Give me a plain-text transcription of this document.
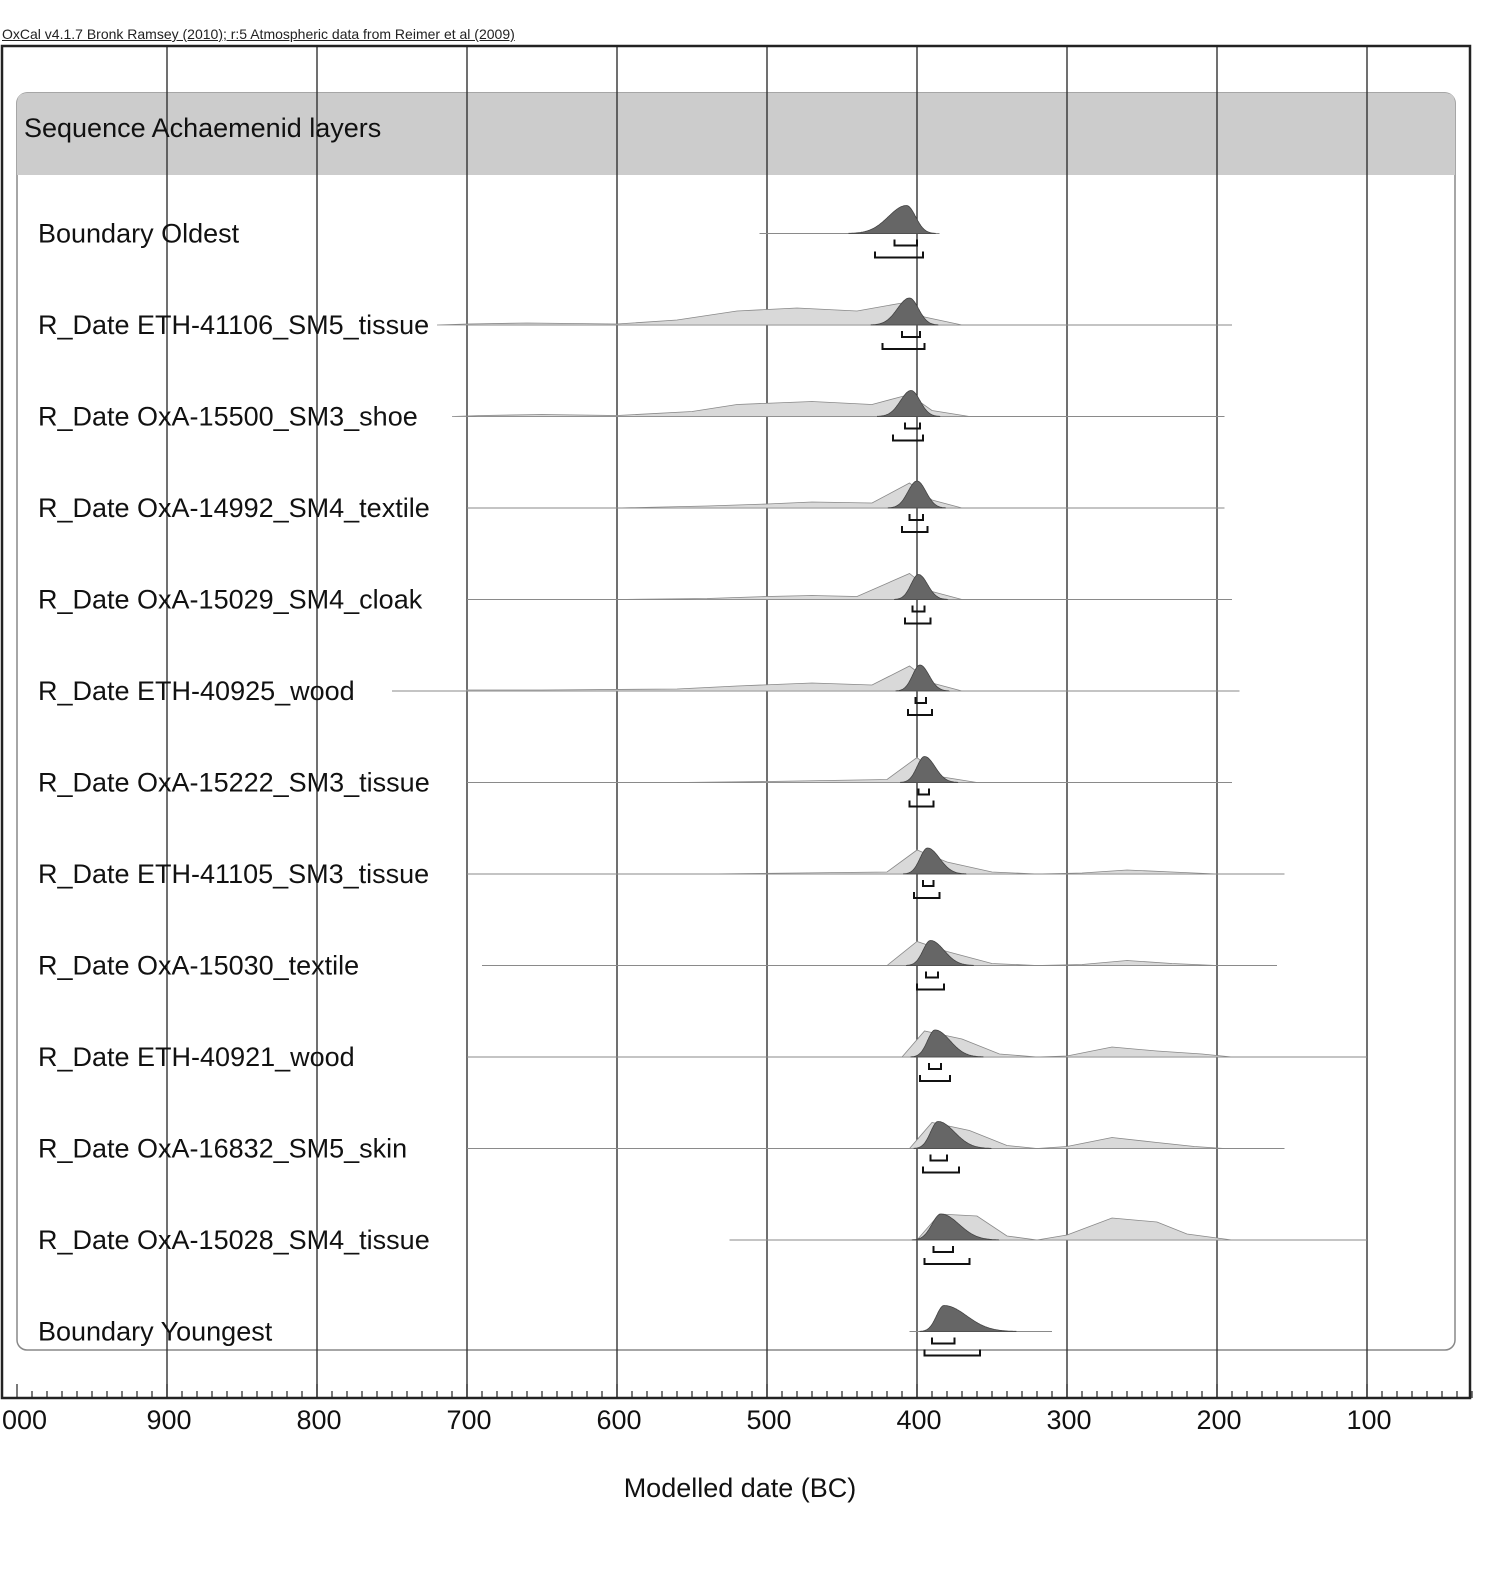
OxCal v4.1.7 Bronk Ramsey (2010); r:5 Atmospheric data from Reimer et al (2009)
Boundary Oldest
R_Date ETH-41106_SM5_tissue
R_Date OxA-15500_SM3_shoe
R_Date OxA-14992_SM4_textile
R_Date OxA-15029_SM4_cloak
R_Date ETH-40925_wood
R_Date OxA-15222_SM3_tissue
R_Date ETH-41105_SM3_tissue
R_Date OxA-15030_textile
R_Date ETH-40921_wood
R_Date OxA-16832_SM5_skin
R_Date OxA-15028_SM4_tissue
Boundary Youngest
Sequence Achaemenid layers
000	900	800	700	600	500	400	300	200	100
Modelled date (BC)
